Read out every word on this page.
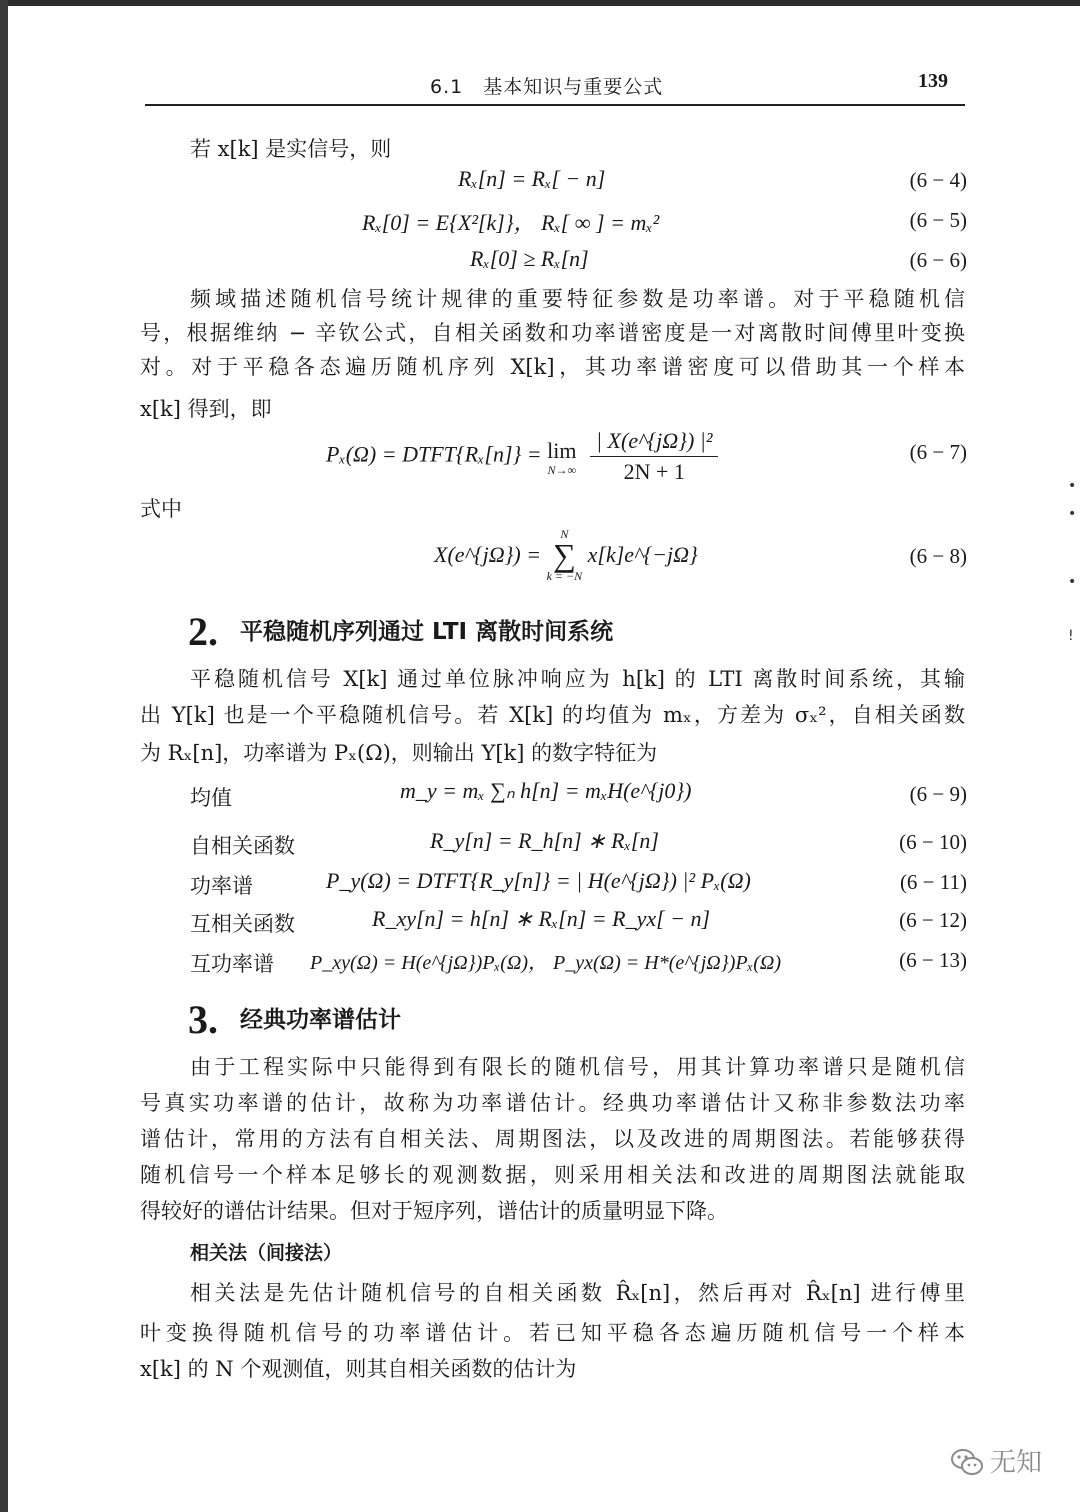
6.1　基本知识与重要公式	139
若 x[k] 是实信号，则
Rₓ[n] = Rₓ[ − n]	(6 − 4)
Rₓ[0] = E{X²[k]}， Rₓ[ ∞ ] = mₓ²	(6 − 5)
Rₓ[0] ≥ Rₓ[n]	(6 − 6)
频域描述随机信号统计规律的重要特征参数是功率谱。对于平稳随机信
号，根据维纳 − 辛钦公式，自相关函数和功率谱密度是一对离散时间傅里叶变换
对。对于平稳各态遍历随机序列 X[k]，其功率谱密度可以借助其一个样本
x[k] 得到，即
Pₓ(Ω) = DTFT{Rₓ[n]} = lim
N→∞
$\frac{\text{| X(e\textasciicircum{}\{jΩ\}) |²}}{2N + 1}$	(6 − 7)
式中
X(e^{jΩ}) =
N
∑
k = −N
x[k]e^{−jΩ}	(6 − 8)
2. 平稳随机序列通过 LTI 离散时间系统
平稳随机信号 X[k] 通过单位脉冲响应为 h[k] 的 LTI 离散时间系统，其输
出 Y[k] 也是一个平稳随机信号。若 X[k] 的均值为 mₓ，方差为 σₓ²，自相关函数
为 Rₓ[n]，功率谱为 Pₓ(Ω)，则输出 Y[k] 的数字特征为
均值	m_y = mₓ ∑ₙ h[n] = mₓH(e^{j0})	(6 − 9)
自相关函数	R_y[n] = R_h[n] ∗ Rₓ[n]	(6 − 10)
功率谱	P_y(Ω) = DTFT{R_y[n]} = | H(e^{jΩ}) |² Pₓ(Ω)	(6 − 11)
互相关函数	R_xy[n] = h[n] ∗ Rₓ[n] = R_yx[ − n]	(6 − 12)
互功率谱 P_xy(Ω) = H(e^{jΩ})Pₓ(Ω)， P_yx(Ω) = H*(e^{jΩ})Pₓ(Ω)	(6 − 13)
3. 经典功率谱估计
由于工程实际中只能得到有限长的随机信号，用其计算功率谱只是随机信
号真实功率谱的估计，故称为功率谱估计。经典功率谱估计又称非参数法功率
谱估计，常用的方法有自相关法、周期图法，以及改进的周期图法。若能够获得
随机信号一个样本足够长的观测数据，则采用相关法和改进的周期图法就能取
得较好的谱估计结果。但对于短序列，谱估计的质量明显下降。
相关法（间接法）
相关法是先估计随机信号的自相关函数 R̂ₓ[n]，然后再对 R̂ₓ[n] 进行傅里
叶变换得随机信号的功率谱估计。若已知平稳各态遍历随机信号一个样本
x[k] 的 N 个观测值，则其自相关函数的估计为
•
•
•
!
无知
